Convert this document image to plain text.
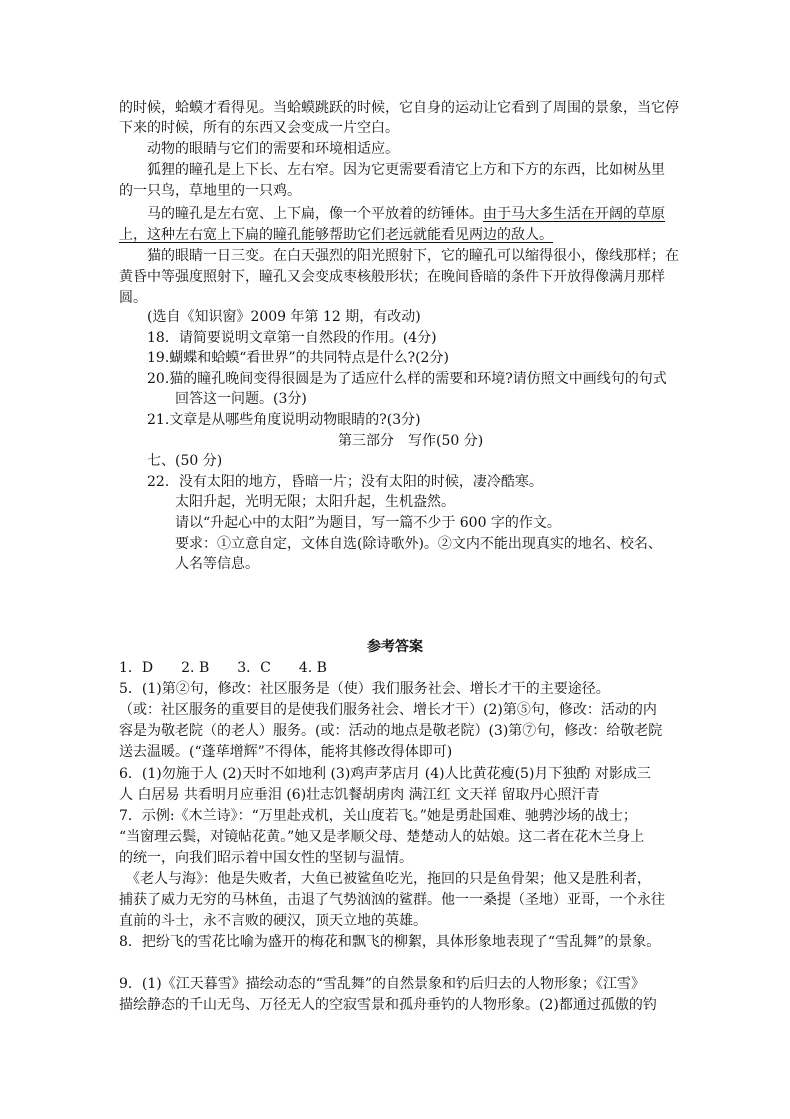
的时候，蛤蟆才看得见。当蛤蟆跳跃的时候，它自身的运动让它看到了周围的景象，当它停
下来的时候，所有的东西又会变成一片空白。
动物的眼睛与它们的需要和环境相适应。
狐狸的瞳孔是上下长、左右窄。因为它更需要看清它上方和下方的东西，比如树丛里
的一只鸟，草地里的一只鸡。
马的瞳孔是左右宽、上下扁，像一个平放着的纺锤体。由于马大多生活在开阔的草原
上，这种左右宽上下扁的瞳孔能够帮助它们老远就能看见两边的敌人。
猫的眼睛一日三变。在白天强烈的阳光照射下，它的瞳孔可以缩得很小，像线那样；在
黄昏中等强度照射下，瞳孔又会变成枣核般形状；在晚间昏暗的条件下开放得像满月那样
圆。
(选自《知识窗》2009 年第 12 期，有改动)
18．请简要说明文章第一自然段的作用。(4分)
19.蝴蝶和蛤蟆“看世界”的共同特点是什么?(2分)
20.猫的瞳孔晚间变得很圆是为了适应什么样的需要和环境?请仿照文中画线句的句式
回答这一问题。(3分)
21.文章是从哪些角度说明动物眼睛的?(3分)
第三部分　写作(50 分)
七、(50 分)
22．没有太阳的地方，昏暗一片；没有太阳的时候，凄冷酷寒。
太阳升起，光明无限；太阳升起，生机盎然。
请以“升起心中的太阳”为题目，写一篇不少于 600 字的作文。
要求：①立意自定，文体自选(除诗歌外)。②文内不能出现真实的地名、校名、
人名等信息。
参考答案
1．D　　2. B　　3．C　　4. B
5．(1)第②句，修改：社区服务是（使）我们服务社会、增长才干的主要途径。
（或：社区服务的重要目的是使我们服务社会、增长才干）(2)第⑤句，修改：活动的内
容是为敬老院（的老人）服务。(或：活动的地点是敬老院）(3)第⑦句，修改：给敬老院
送去温暖。(“蓬荜增辉”不得体，能将其修改得体即可)
6．(1)勿施于人 (2)天时不如地利 (3)鸡声茅店月 (4)人比黄花瘦(5)月下独酌 对影成三
人 白居易 共看明月应垂泪 (6)壮志饥餐胡虏肉 满江红 文天祥 留取丹心照汗青
7．示例:《木兰诗》：“万里赴戎机，关山度若飞。”她是勇赴国难、驰骋沙场的战士；
“当窗理云鬓，对镜帖花黄。”她又是孝顺父母、楚楚动人的姑娘。这二者在花木兰身上
的统一，向我们昭示着中国女性的坚韧与温情。
《老人与海》：他是失败者，大鱼已被鲨鱼吃光，拖回的只是鱼骨架；他又是胜利者，
捕获了威力无穷的马林鱼，击退了气势汹汹的鲨群。他一一桑提（圣地）亚哥，一个永往
直前的斗士，永不言败的硬汉，顶天立地的英雄。
8．把纷飞的雪花比喻为盛开的梅花和飘飞的柳絮，具体形象地表现了“雪乱舞”的景象。
9．(1)《江天暮雪》描绘动态的“雪乱舞”的自然景象和钓后归去的人物形象；《江雪》
描绘静态的千山无鸟、万径无人的空寂雪景和孤舟垂钓的人物形象。(2)都通过孤傲的钓
